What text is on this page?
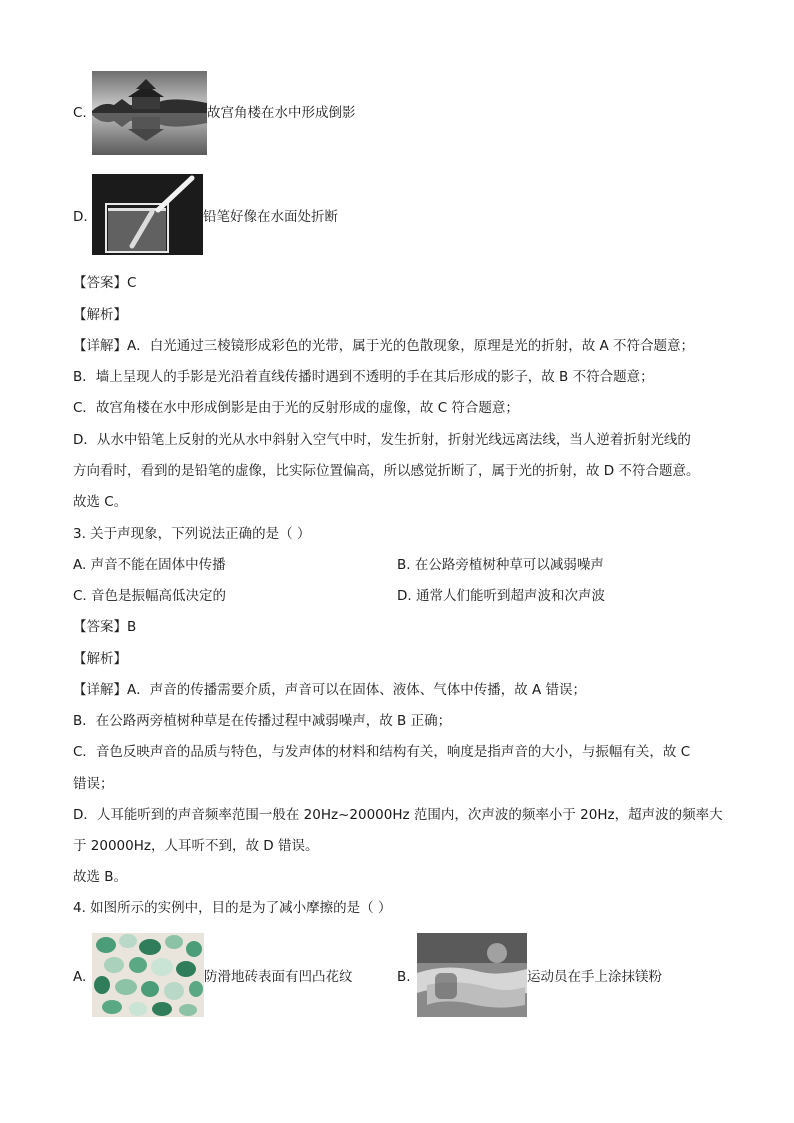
C.	故宫角楼在水中形成倒影
D.	铅笔好像在水面处折断
【答案】C
【解析】
【详解】A．白光通过三棱镜形成彩色的光带，属于光的色散现象，原理是光的折射，故 A 不符合题意；
B．墙上呈现人的手影是光沿着直线传播时遇到不透明的手在其后形成的影子，故 B 不符合题意；
C．故宫角楼在水中形成倒影是由于光的反射形成的虚像，故 C 符合题意；
D．从水中铅笔上反射的光从水中斜射入空气中时，发生折射，折射光线远离法线，当人逆着折射光线的
方向看时，看到的是铅笔的虚像，比实际位置偏高，所以感觉折断了，属于光的折射，故 D 不符合题意。
故选 C。
3. 关于声现象，下列说法正确的是（ ）
A. 声音不能在固体中传播	B. 在公路旁植树种草可以减弱噪声
C. 音色是振幅高低决定的	D. 通常人们能听到超声波和次声波
【答案】B
【解析】
【详解】A．声音的传播需要介质，声音可以在固体、液体、气体中传播，故 A 错误；
B．在公路两旁植树种草是在传播过程中减弱噪声，故 B 正确；
C．音色反映声音的品质与特色，与发声体的材料和结构有关，响度是指声音的大小，与振幅有关，故 C
错误；
D．人耳能听到的声音频率范围一般在 20Hz~20000Hz 范围内，次声波的频率小于 20Hz，超声波的频率大
于 20000Hz，人耳听不到，故 D 错误。
故选 B。
4. 如图所示的实例中，目的是为了减小摩擦的是（ ）
A.	防滑地砖表面有凹凸花纹	B.	运动员在手上涂抹镁粉
